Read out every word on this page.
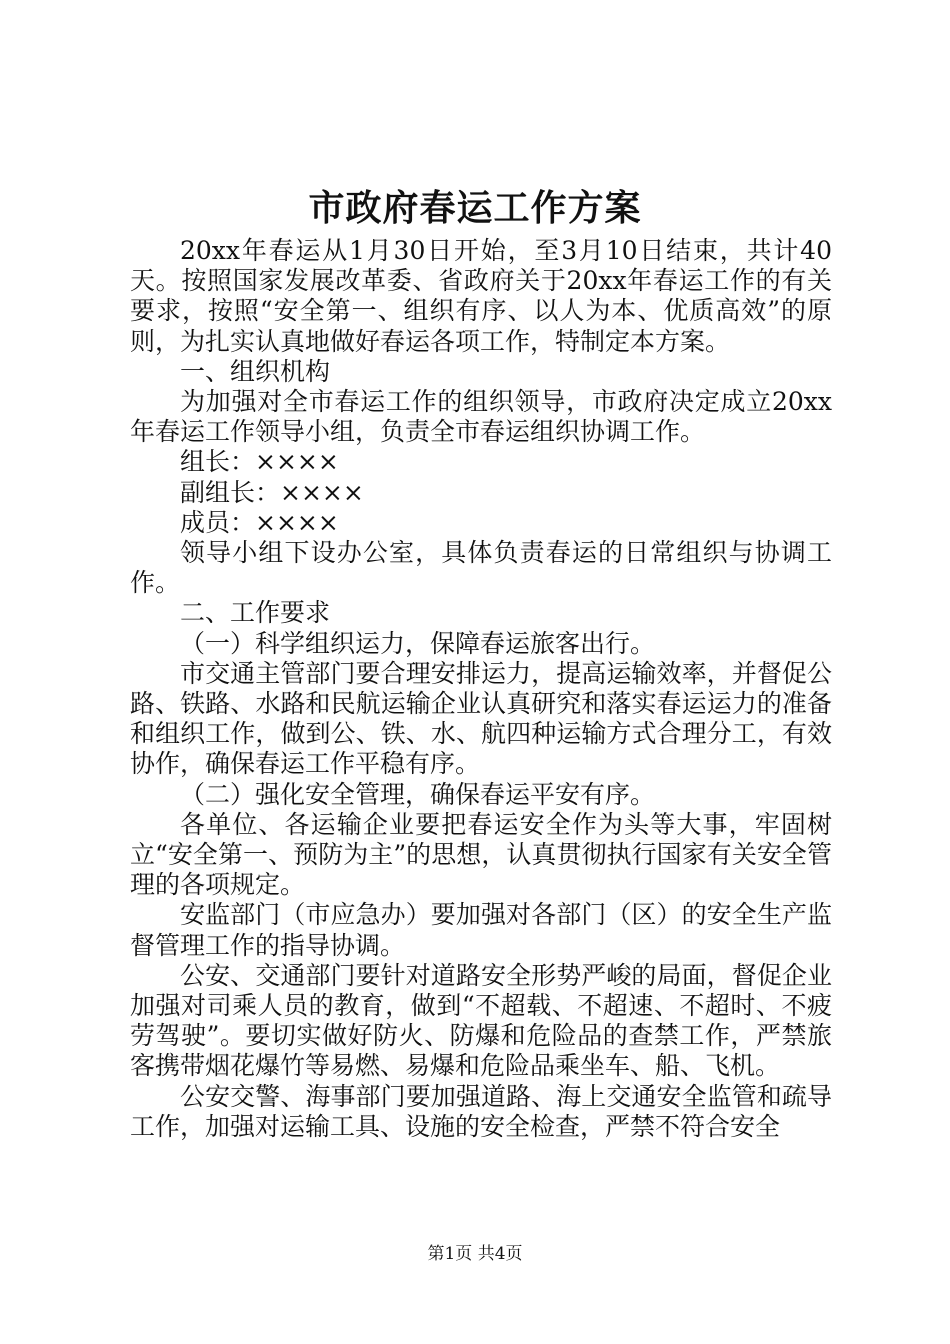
市政府春运工作方案

20xx年春运从1月30日开始，至3月10日结束，共计40天。按照国家发展改革委、省政府关于20xx年春运工作的有关要求，按照“安全第一、组织有序、以人为本、优质高效”的原则，为扎实认真地做好春运各项工作，特制定本方案。

一、组织机构

为加强对全市春运工作的组织领导，市政府决定成立20xx年春运工作领导小组，负责全市春运组织协调工作。

组长：××××

副组长：××××

成员：××××

领导小组下设办公室，具体负责春运的日常组织与协调工作。

二、工作要求

（一）科学组织运力，保障春运旅客出行。

市交通主管部门要合理安排运力，提高运输效率，并督促公路、铁路、水路和民航运输企业认真研究和落实春运运力的准备和组织工作，做到公、铁、水、航四种运输方式合理分工，有效协作，确保春运工作平稳有序。

（二）强化安全管理，确保春运平安有序。

各单位、各运输企业要把春运安全作为头等大事，牢固树立“安全第一、预防为主”的思想，认真贯彻执行国家有关安全管理的各项规定。

安监部门（市应急办）要加强对各部门（区）的安全生产监督管理工作的指导协调。

公安、交通部门要针对道路安全形势严峻的局面，督促企业加强对司乘人员的教育，做到“不超载、不超速、不超时、不疲劳驾驶”。要切实做好防火、防爆和危险品的查禁工作，严禁旅客携带烟花爆竹等易燃、易爆和危险品乘坐车、船、飞机。

公安交警、海事部门要加强道路、海上交通安全监管和疏导工作，加强对运输工具、设施的安全检查，严禁不符合安全

第1页 共4页
